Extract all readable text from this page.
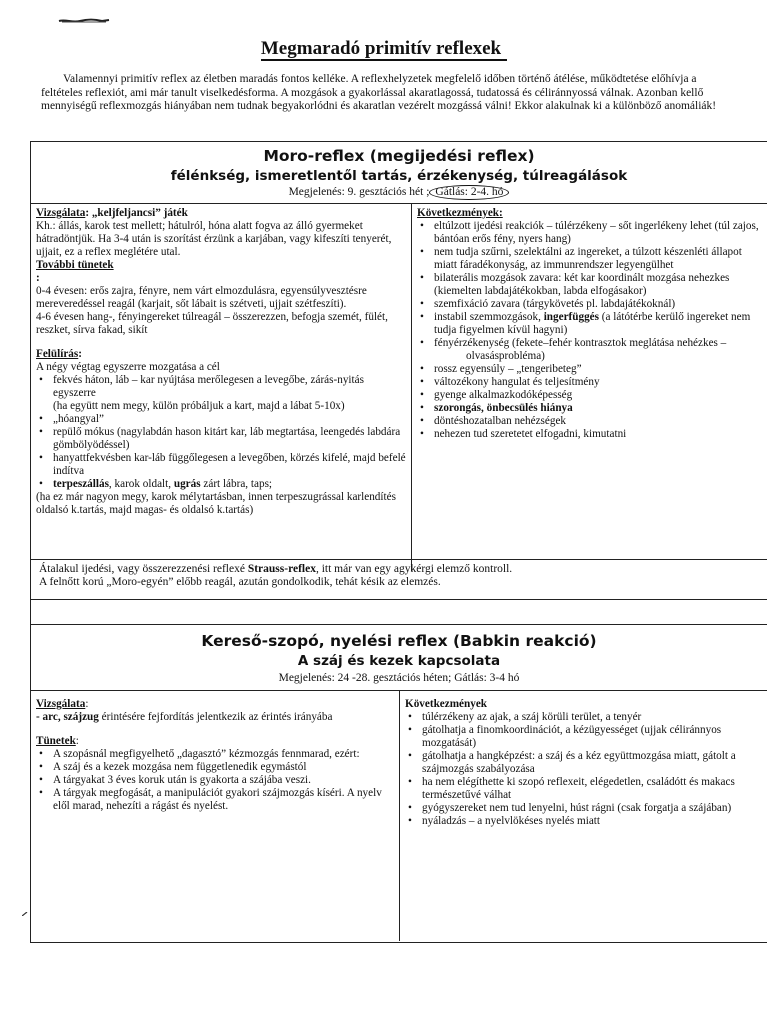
Megmaradó primitív reflexek

Valamennyi primitív reflex az életben maradás fontos kelléke. A reflexhelyzetek megfelelő időben történő átélése, működtetése előhívja a feltételes reflexiót, ami már tanult viselkedésforma. A mozgások a gyakorlással akaratlagossá, tudatossá és céliránnyossá válnak. Azonban kellő mennyiségű reflexmozgás hiányában nem tudnak begyakorlódni és akaratlan vezérelt mozgássá válni! Ekkor alakulnak ki a különböző anomáliák!

Moro-reflex (megijedési reflex)
félénkség, ismeretlentől tartás, érzékenység, túlreagálások
Megjelenés: 9. gesztációs hét ; Gátlás: 2-4. hó

Vizsgálata: „keljfeljancsi” játék

Kh.: állás, karok test mellett; hátulról, hóna alatt fogva az álló gyermeket hátradöntjük. Ha 3-4 után is szorítást érzünk a karjában, vagy kifeszíti tenyerét, ujjait, ez a reflex meglétére utal.

További tünetek

:

0-4 évesen: erős zajra, fényre, nem várt elmozdulásra, egyensúlyvesztésre mereveredéssel reagál (karjait, sőt lábait is szétveti, ujjait szétfeszíti).

4-6 évesen hang-, fényingereket túlreagál – összerezzen, befogja szemét, fülét, reszket, sírva fakad, sikít

Felülírás:

A négy végtag egyszerre mozgatása a cél

• fekvés háton, láb – kar nyújtása merőlegesen a levegőbe, zárás-nyitás egyszerre
(ha együtt nem megy, külön próbáljuk a kart, majd a lábat 5-10x)
• „hóangyal”
• repülő mókus (nagylabdán hason kitárt kar, láb megtartása, leengedés labdára gömbölyödéssel)
• hanyattfekvésben kar-láb függőlegesen a levegőben, körzés kifelé, majd befelé indítva
• terpeszállás, karok oldalt, ugrás zárt lábra, taps;

(ha ez már nagyon megy, karok mélytartásban, innen terpeszugrással karlendítés oldalsó k.tartás, majd magas- és oldalsó k.tartás)

Következmények:

• eltúlzott ijedési reakciók – túlérzékeny – sőt ingerlékeny lehet (túl zajos, bántóan erős fény, nyers hang)
• nem tudja szűrni, szelektálni az ingereket, a túlzott készenléti állapot miatt fáradékonyság, az immunrendszer legyengülhet
• bilaterális mozgások zavara: két kar koordinált mozgása nehezkes (kiemelten labdajátékokban, labda elfogásakor)
• szemfixáció zavara (tárgykövetés pl. labdajátékoknál)
• instabil szemmozgások, ingerfüggés (a látótérbe kerülő ingereket nem tudja figyelmen kívül hagyni)
• fényérzékenység (fekete–fehér kontrasztok meglátása nehézkes –
olvasásprobléma)
• rossz egyensúly – „tengeribeteg”
• változékony hangulat és teljesítmény
• gyenge alkalmazkodóképesség
• szorongás, önbecsülés hiánya
• döntéshozatalban nehézségek
• nehezen tud szeretetet elfogadni, kimutatni

Átalakul ijedési, vagy összerezzenési reflexé Strauss-reflex, itt már van egy agykérgi elemző kontroll.

A felnőtt korú „Moro-egyén” előbb reagál, azután gondolkodik, tehát késik az elemzés.

Kereső-szopó, nyelési reflex (Babkin reakció)
A száj és kezek kapcsolata
Megjelenés: 24 -28. gesztációs héten; Gátlás: 3-4 hó

Vizsgálata:

- arc, szájzug érintésére fejfordítás jelentkezik az érintés irányába

Tünetek:

• A szopásnál megfigyelhető „dagasztó” kézmozgás fennmarad, ezért:
• A száj és a kezek mozgása nem függetlenedik egymástól
• A tárgyakat 3 éves koruk után is gyakorta a szájába veszi.
• A tárgyak megfogását, a manipulációt gyakori szájmozgás kíséri. A nyelv elől marad, nehezíti a rágást és nyelést.

Következmények

• túlérzékeny az ajak, a száj körüli terület, a tenyér
• gátolhatja a finomkoordinációt, a kézügyességet (ujjak céliránnyos mozgatását)
• gátolhatja a hangképzést: a száj és a kéz együttmozgása miatt, gátolt a szájmozgás szabályozása
• ha nem elégíthette ki szopó reflexeit, elégedetlen, családótt és makacs természetűvé válhat
• gyógyszereket nem tud lenyelni, húst rágni (csak forgatja a szájában)
• nyáladzás – a nyelvlökéses nyelés miatt
